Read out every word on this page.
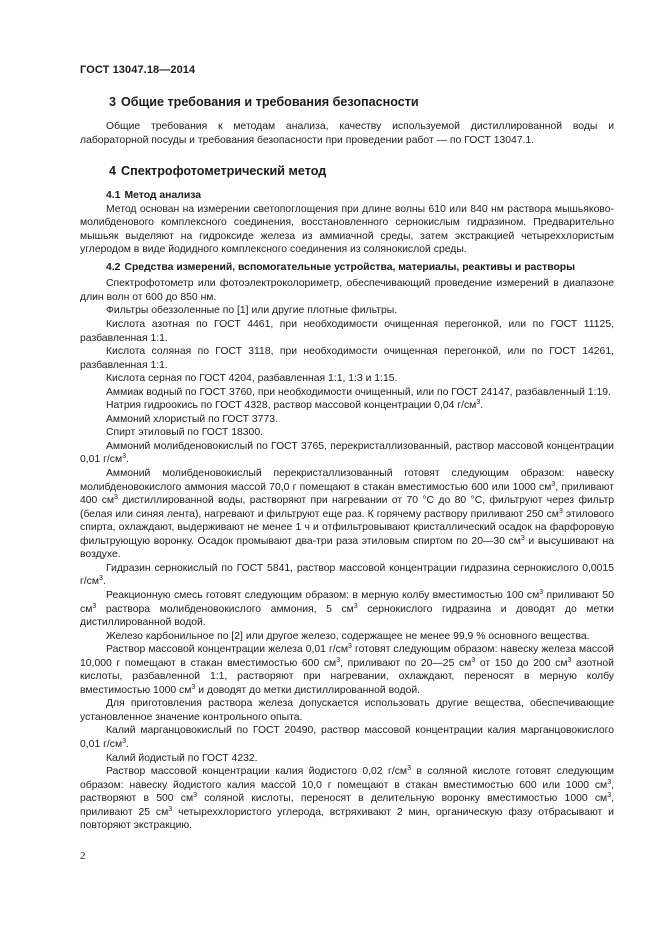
ГОСТ 13047.18—2014
3 Общие требования и требования безопасности

Общие требования к методам анализа, качеству используемой дистиллированной воды и лабораторной посуды и требования безопасности при проведении работ — по ГОСТ 13047.1.

4 Спектрофотометрический метод
4.1 Метод анализа

Метод основан на измерении светопоглощения при длине волны 610 или 840 нм раствора мышьяково-молибденового комплексного соединения, восстановленного сернокислым гидразином. Предварительно мышьяк выделяют на гидроксиде железа из аммиачной среды, затем экстракцией четыреххлористым углеродом в виде йодидного комплексного соединения из солянокислой среды.

4.2 Средства измерений, вспомогательные устройства, материалы, реактивы и растворы

Спектрофотометр или фотоэлектроколориметр, обеспечивающий проведение измерений в диапазоне длин волн от 600 до 850 нм.

Фильтры обеззоленные по [1] или другие плотные фильтры.

Кислота азотная по ГОСТ 4461, при необходимости очищенная перегонкой, или по ГОСТ 11125, разбавленная 1:1.

Кислота соляная по ГОСТ 3118, при необходимости очищенная перегонкой, или по ГОСТ 14261, разбавленная 1:1.

Кислота серная по ГОСТ 4204, разбавленная 1:1, 1:3 и 1:15.

Аммиак водный по ГОСТ 3760, при необходимости очищенный, или по ГОСТ 24147, разбавленный 1:19.

Натрия гидроокись по ГОСТ 4328, раствор массовой концентрации 0,04 $г/см^3$.

Аммоний хлористый по ГОСТ 3773.

Спирт этиловый по ГОСТ 18300.

Аммоний молибденовокислый по ГОСТ 3765, перекристаллизованный, раствор массовой концентрации 0,01 $г/см^3$.

Аммоний молибденовокислый перекристаллизованный готовят следующим образом: навеску молибденовокислого аммония массой 70,0 г помещают в стакан вместимостью 600 или 1000 $см^3$, приливают 400 $см^3$ дистиллированной воды, растворяют при нагревании от 70 °С до 80 °С, фильтруют через фильтр (белая или синяя лента), нагревают и фильтруют еще раз. К горячему раствору приливают 250 $см^3$ этилового спирта, охлаждают, выдерживают не менее 1 ч и отфильтровывают кристаллический осадок на фарфоровую фильтрующую воронку. Осадок промывают два-три раза этиловым спиртом по 20—30 $см^3$ и высушивают на воздухе.

Гидразин сернокислый по ГОСТ 5841, раствор массовой концентрации гидразина сернокислого 0,0015 $г/см^3$.

Реакционную смесь готовят следующим образом: в мерную колбу вместимостью 100 $см^3$ приливают 50 $см^3$ раствора молибденовокислого аммония, 5 $см^3$ сернокислого гидразина и доводят до метки дистиллированной водой.

Железо карбонильное по [2] или другое железо, содержащее не менее 99,9 % основного вещества.

Раствор массовой концентрации железа 0,01 $г/см^3$ готовят следующим образом: навеску железа массой 10,000 г помещают в стакан вместимостью 600 $см^3$, приливают по 20—25 $см^3$ от 150 до 200 $см^3$ азотной кислоты, разбавленной 1:1, растворяют при нагревании, охлаждают, переносят в мерную колбу вместимостью 1000 $см^3$ и доводят до метки дистиллированной водой.

Для приготовления раствора железа допускается использовать другие вещества, обеспечивающие установленное значение контрольного опыта.

Калий марганцовокислый по ГОСТ 20490, раствор массовой концентрации калия марганцовокислого 0,01 $г/см^3$.

Калий йодистый по ГОСТ 4232.

Раствор массовой концентрации калия йодистого 0,02 $г/см^3$ в соляной кислоте готовят следующим образом: навеску йодистого калия массой 10,0 г помещают в стакан вместимостью 600 или 1000 $см^3$, растворяют в 500 $см^3$ соляной кислоты, переносят в делительную воронку вместимостью 1000 $см^3$, приливают 25 $см^3$ четыреххлористого углерода, встряхивают 2 мин, органическую фазу отбрасывают и повторяют экстракцию.

2
